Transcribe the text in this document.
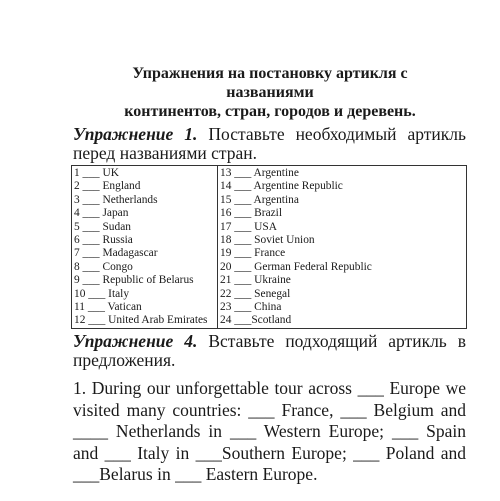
Упражнения на постановку артикля с
названиями
континентов, стран, городов и деревень.
Упражнение 1. Поставьте необходимый артикль перед названиями стран.
1 ___ UK
2 ___ England
3 ___ Netherlands
4 ___ Japan
5 ___ Sudan
6 ___ Russia
7 ___ Madagascar
8 ___ Congo
9 ___ Republic of Belarus
10 ___ Italy
11 ___ Vatican
12 ___ United Arab Emirates

13 ___ Argentine
14 ___ Argentine Republic
15 ___ Argentina
16 ___ Brazil
17 ___ USA
18 ___ Soviet Union
19 ___ France
20 ___ German Federal Republic
21 ___ Ukraine
22 ___ Senegal
23 ___ China
24 ___Scotland
Упражнение 4. Вставьте подходящий артикль в предложения.
1. During our unforgettable tour across ___ Europe we visited many countries: ___ France, ___ Belgium and ____ Netherlands in ___ Western Europe; ___ Spain and ___ Italy in ___Southern Europe; ___ Poland and ___Belarus in ___ Eastern Europe.
